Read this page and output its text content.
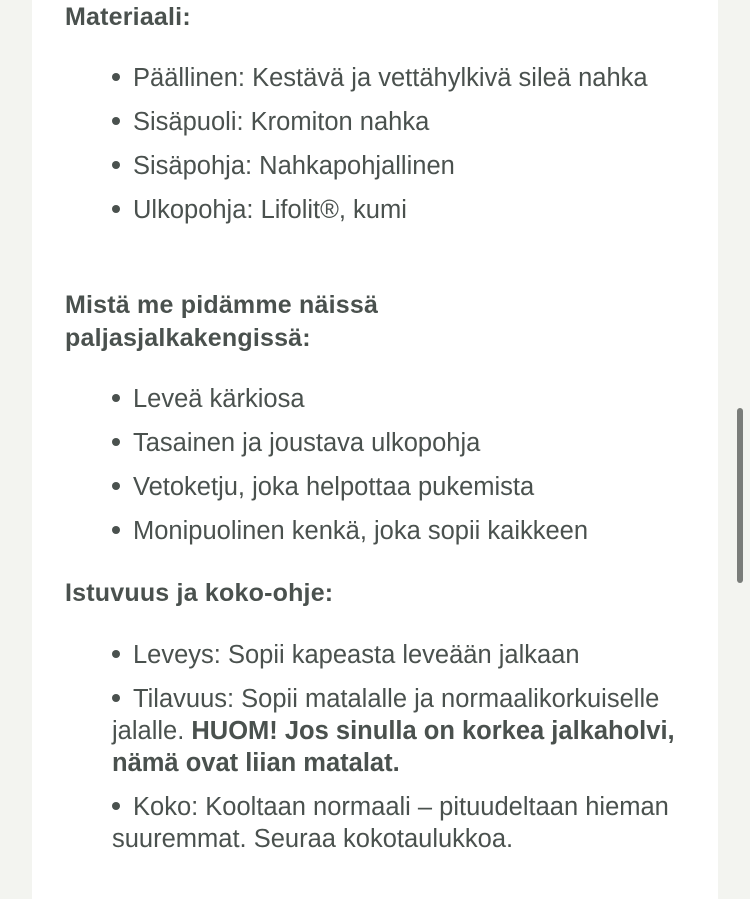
Materiaali:
Päällinen: Kestävä ja vettähylkivä sileä nahka
Sisäpuoli: Kromiton nahka
Sisäpohja: Nahkapohjallinen
Ulkopohja: Lifolit®, kumi
Mistä me pidämme näissä paljasjalkakengissä:
Leveä kärkiosa
Tasainen ja joustava ulkopohja
Vetoketju, joka helpottaa pukemista
Monipuolinen kenkä, joka sopii kaikkeen
Istuvuus ja koko-ohje:
Leveys: Sopii kapeasta leveään jalkaan
Tilavuus: Sopii matalalle ja normaalikorkuiselle jalalle. HUOM! Jos sinulla on korkea jalkaholvi, nämä ovat liian matalat.
Koko: Kooltaan normaali – pituudeltaan hieman suuremmat. Seuraa kokotaulukkoa.
